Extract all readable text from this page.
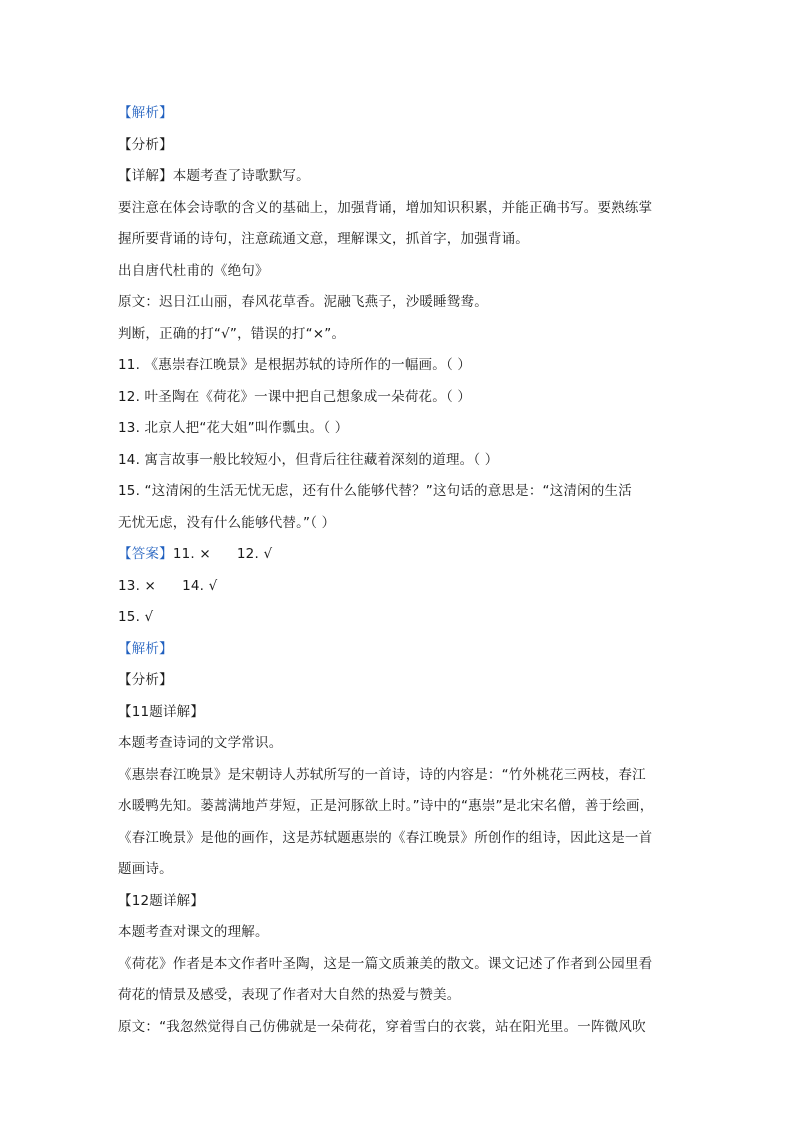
【解析】
【分析】
【详解】本题考查了诗歌默写。
要注意在体会诗歌的含义的基础上，加强背诵，增加知识积累，并能正确书写。要熟练掌
握所要背诵的诗句，注意疏通文意，理解课文，抓首字，加强背诵。
出自唐代杜甫的《绝句》
原文：迟日江山丽，春风花草香。泥融飞燕子，沙暖睡鸳鸯。
判断，正确的打“√”，错误的打“×”。
11. 《惠崇春江晚景》是根据苏轼的诗所作的一幅画。（ ）
12. 叶圣陶在《荷花》一课中把自己想象成一朵荷花。（ ）
13. 北京人把“花大姐”叫作瓢虫。（ ）
14. 寓言故事一般比较短小，但背后往往藏着深刻的道理。（ ）
15. “这清闲的生活无忧无虑，还有什么能够代替？”这句话的意思是：“这清闲的生活
无忧无虑，没有什么能够代替。”（ ）
【答案】11. × 12. √
13. × 14. √
15. √
【解析】
【分析】
【11题详解】
本题考查诗词的文学常识。
《惠崇春江晚景》是宋朝诗人苏轼所写的一首诗，诗的内容是：“竹外桃花三两枝，春江
水暖鸭先知。蒌蒿满地芦芽短，正是河豚欲上时。”诗中的“惠崇”是北宋名僧，善于绘画，
《春江晚景》是他的画作，这是苏轼题惠崇的《春江晚景》所创作的组诗，因此这是一首
题画诗。
【12题详解】
本题考查对课文的理解。
《荷花》作者是本文作者叶圣陶，这是一篇文质兼美的散文。课文记述了作者到公园里看
荷花的情景及感受，表现了作者对大自然的热爱与赞美。
原文：“我忽然觉得自己仿佛就是一朵荷花，穿着雪白的衣裳，站在阳光里。一阵微风吹
